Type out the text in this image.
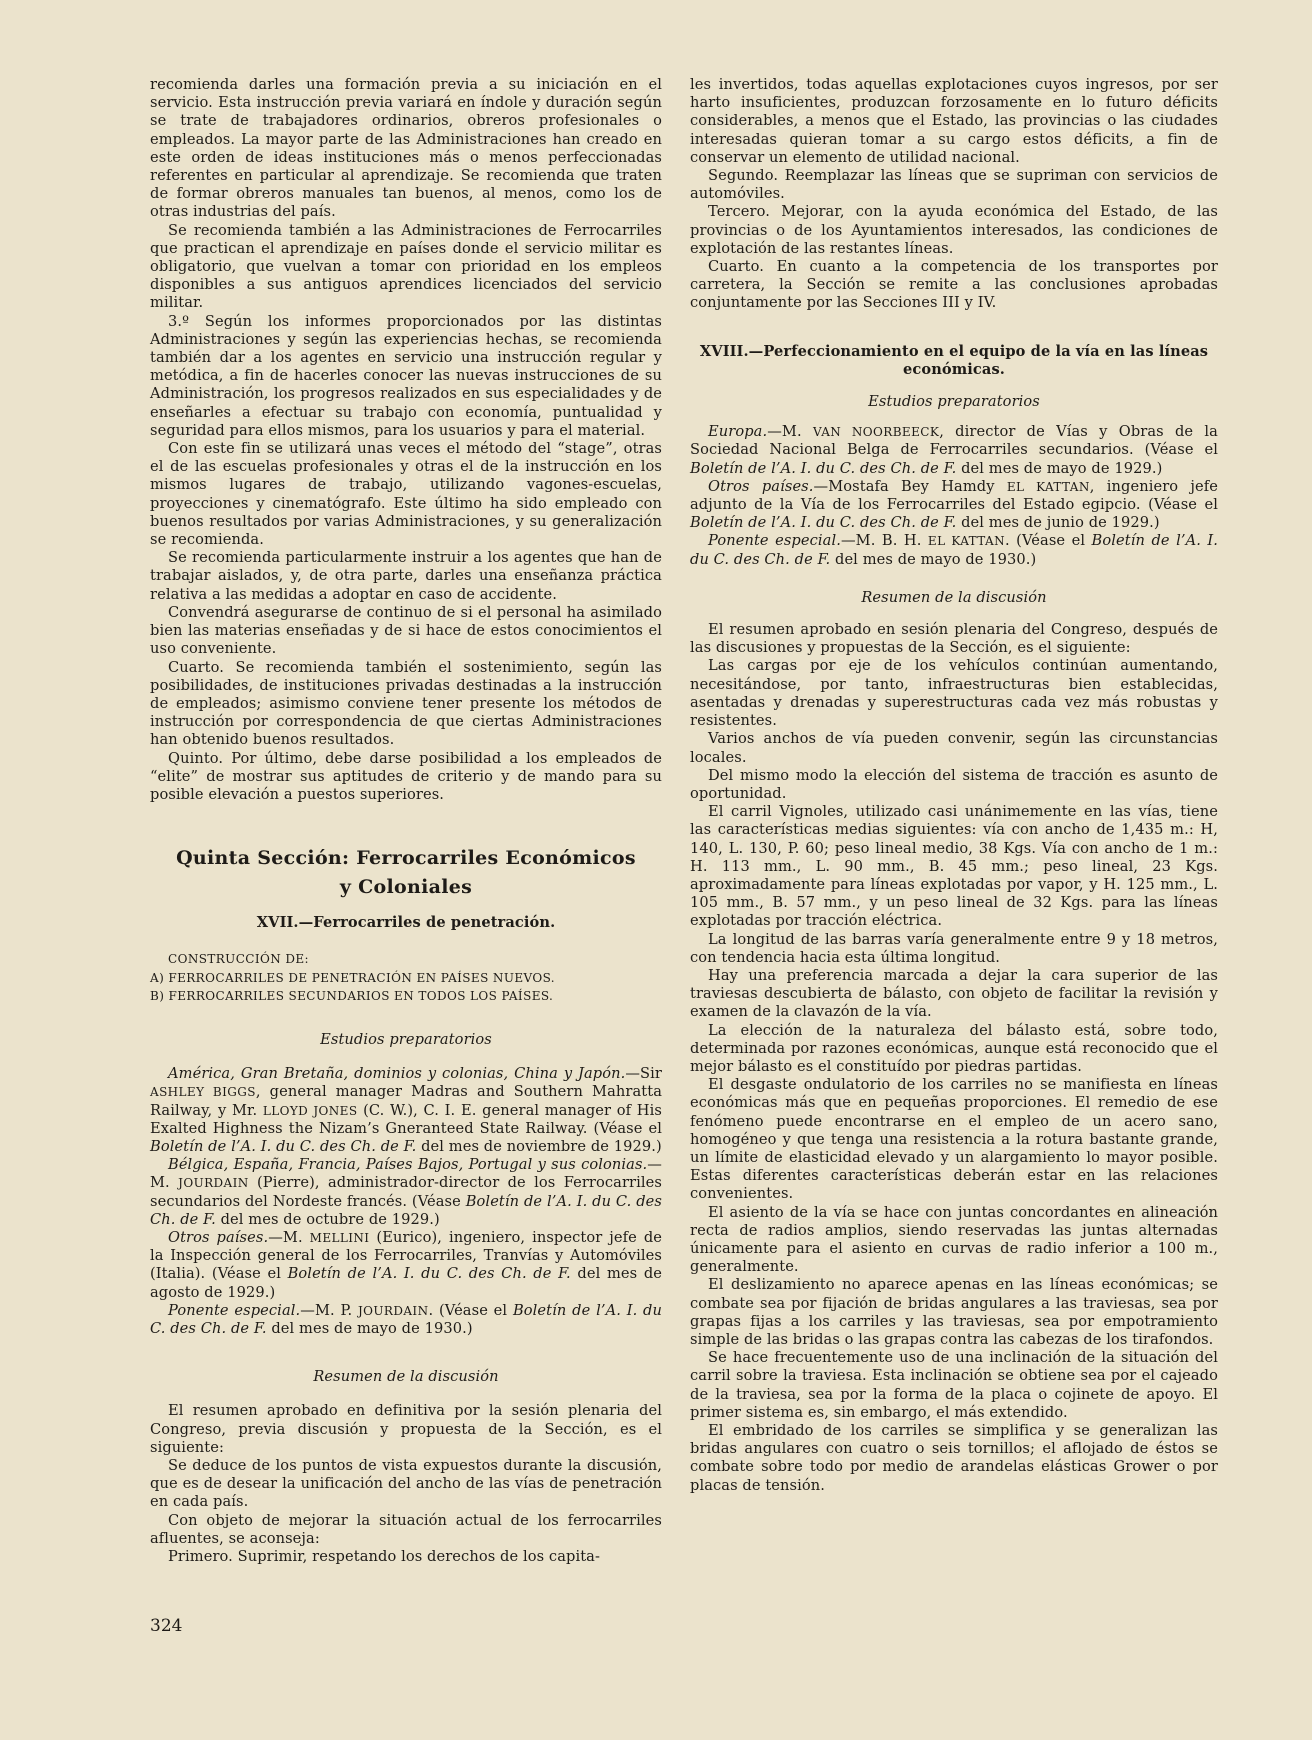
recomienda darles una formación previa a su iniciación en el servicio. Esta instrucción previa variará en índole y duración según se trate de trabajadores ordinarios, obreros profesionales o empleados. La mayor parte de las Administraciones han creado en este orden de ideas instituciones más o menos perfeccionadas referentes en particular al aprendizaje. Se recomienda que traten de formar obreros manuales tan buenos, al menos, como los de otras industrias del país.

Se recomienda también a las Administraciones de Ferrocarriles que practican el aprendizaje en países donde el servicio militar es obligatorio, que vuelvan a tomar con prioridad en los empleos disponibles a sus antiguos aprendices licenciados del servicio militar.

3.º Según los informes proporcionados por las distintas Administraciones y según las experiencias hechas, se recomienda también dar a los agentes en servicio una instrucción regular y metódica, a fin de hacerles conocer las nuevas instrucciones de su Administración, los progresos realizados en sus especialidades y de enseñarles a efectuar su trabajo con economía, puntualidad y seguridad para ellos mismos, para los usuarios y para el material.

Con este fin se utilizará unas veces el método del “stage”, otras el de las escuelas profesionales y otras el de la instrucción en los mismos lugares de trabajo, utilizando vagones-escuelas, proyecciones y cinematógrafo. Este último ha sido empleado con buenos resultados por varias Administraciones, y su generalización se recomienda.

Se recomienda particularmente instruir a los agentes que han de trabajar aislados, y, de otra parte, darles una enseñanza práctica relativa a las medidas a adoptar en caso de accidente.

Convendrá asegurarse de continuo de si el personal ha asimilado bien las materias enseñadas y de si hace de estos conocimientos el uso conveniente.

Cuarto. Se recomienda también el sostenimiento, según las posibilidades, de instituciones privadas destinadas a la instrucción de empleados; asimismo conviene tener presente los métodos de instrucción por correspondencia de que ciertas Administraciones han obtenido buenos resultados.

Quinto. Por último, debe darse posibilidad a los empleados de “elite” de mostrar sus aptitudes de criterio y de mando para su posible elevación a puestos superiores.

Quinta Sección: Ferrocarriles Económicos
y Coloniales
XVII.—Ferrocarriles de penetración.

CONSTRUCCIÓN DE:

A) FERROCARRILES DE PENETRACIÓN EN PAÍSES NUEVOS.

B) FERROCARRILES SECUNDARIOS EN TODOS LOS PAÍSES.

Estudios preparatorios

América, Gran Bretaña, dominios y colonias, China y Japón.—Sir ASHLEY BIGGS, general manager Madras and Southern Mahratta Railway, y Mr. LLOYD JONES (C. W.), C. I. E. general manager of His Exalted Highness the Nizam’s Gneranteed State Railway. (Véase el Boletín de l’A. I. du C. des Ch. de F. del mes de noviembre de 1929.)

Bélgica, España, Francia, Países Bajos, Portugal y sus colonias.—M. JOURDAIN (Pierre), administrador-director de los Ferrocarriles secundarios del Nordeste francés. (Véase Boletín de l’A. I. du C. des Ch. de F. del mes de octubre de 1929.)

Otros países.—M. MELLINI (Eurico), ingeniero, inspector jefe de la Inspección general de los Ferrocarriles, Tranvías y Automóviles (Italia). (Véase el Boletín de l’A. I. du C. des Ch. de F. del mes de agosto de 1929.)

Ponente especial.—M. P. JOURDAIN. (Véase el Boletín de l’A. I. du C. des Ch. de F. del mes de mayo de 1930.)

Resumen de la discusión

El resumen aprobado en definitiva por la sesión plenaria del Congreso, previa discusión y propuesta de la Sección, es el siguiente:

Se deduce de los puntos de vista expuestos durante la discusión, que es de desear la unificación del ancho de las vías de penetración en cada país.

Con objeto de mejorar la situación actual de los ferrocarriles afluentes, se aconseja:

Primero. Suprimir, respetando los derechos de los capita-

les invertidos, todas aquellas explotaciones cuyos ingresos, por ser harto insuficientes, produzcan forzosamente en lo futuro déficits considerables, a menos que el Estado, las provincias o las ciudades interesadas quieran tomar a su cargo estos déficits, a fin de conservar un elemento de utilidad nacional.

Segundo. Reemplazar las líneas que se supriman con servicios de automóviles.

Tercero. Mejorar, con la ayuda económica del Estado, de las provincias o de los Ayuntamientos interesados, las condiciones de explotación de las restantes líneas.

Cuarto. En cuanto a la competencia de los transportes por carretera, la Sección se remite a las conclusiones aprobadas conjuntamente por las Secciones III y IV.

XVIII.—Perfeccionamiento en el equipo de la vía en las líneas económicas.
Estudios preparatorios

Europa.—M. VAN NOORBEECK, director de Vías y Obras de la Sociedad Nacional Belga de Ferrocarriles secundarios. (Véase el Boletín de l’A. I. du C. des Ch. de F. del mes de mayo de 1929.)

Otros países.—Mostafa Bey Hamdy EL KATTAN, ingeniero jefe adjunto de la Vía de los Ferrocarriles del Estado egipcio. (Véase el Boletín de l’A. I. du C. des Ch. de F. del mes de junio de 1929.)

Ponente especial.—M. B. H. EL KATTAN. (Véase el Boletín de l’A. I. du C. des Ch. de F. del mes de mayo de 1930.)

Resumen de la discusión

El resumen aprobado en sesión plenaria del Congreso, después de las discusiones y propuestas de la Sección, es el siguiente:

Las cargas por eje de los vehículos continúan aumentando, necesitándose, por tanto, infraestructuras bien establecidas, asentadas y drenadas y superestructuras cada vez más robustas y resistentes.

Varios anchos de vía pueden convenir, según las circunstancias locales.

Del mismo modo la elección del sistema de tracción es asunto de oportunidad.

El carril Vignoles, utilizado casi unánimemente en las vías, tiene las características medias siguientes: vía con ancho de 1,435 m.: H, 140, L. 130, P. 60; peso lineal medio, 38 Kgs. Vía con ancho de 1 m.: H. 113 mm., L. 90 mm., B. 45 mm.; peso lineal, 23 Kgs. aproximadamente para líneas explotadas por vapor, y H. 125 mm., L. 105 mm., B. 57 mm., y un peso lineal de 32 Kgs. para las líneas explotadas por tracción eléctrica.

La longitud de las barras varía generalmente entre 9 y 18 metros, con tendencia hacia esta última longitud.

Hay una preferencia marcada a dejar la cara superior de las traviesas descubierta de bálasto, con objeto de facilitar la revisión y examen de la clavazón de la vía.

La elección de la naturaleza del bálasto está, sobre todo, determinada por razones económicas, aunque está reconocido que el mejor bálasto es el constituído por piedras partidas.

El desgaste ondulatorio de los carriles no se manifiesta en líneas económicas más que en pequeñas proporciones. El remedio de ese fenómeno puede encontrarse en el empleo de un acero sano, homogéneo y que tenga una resistencia a la rotura bastante grande, un límite de elasticidad elevado y un alargamiento lo mayor posible. Estas diferentes características deberán estar en las relaciones convenientes.

El asiento de la vía se hace con juntas concordantes en alineación recta de radios amplios, siendo reservadas las juntas alternadas únicamente para el asiento en curvas de radio inferior a 100 m., generalmente.

El deslizamiento no aparece apenas en las líneas económicas; se combate sea por fijación de bridas angulares a las traviesas, sea por grapas fijas a los carriles y las traviesas, sea por empotramiento simple de las bridas o las grapas contra las cabezas de los tirafondos.

Se hace frecuentemente uso de una inclinación de la situación del carril sobre la traviesa. Esta inclinación se obtiene sea por el cajeado de la traviesa, sea por la forma de la placa o cojinete de apoyo. El primer sistema es, sin embargo, el más extendido.

El embridado de los carriles se simplifica y se generalizan las bridas angulares con cuatro o seis tornillos; el aflojado de éstos se combate sobre todo por medio de arandelas elásticas Grower o por placas de tensión.

324
